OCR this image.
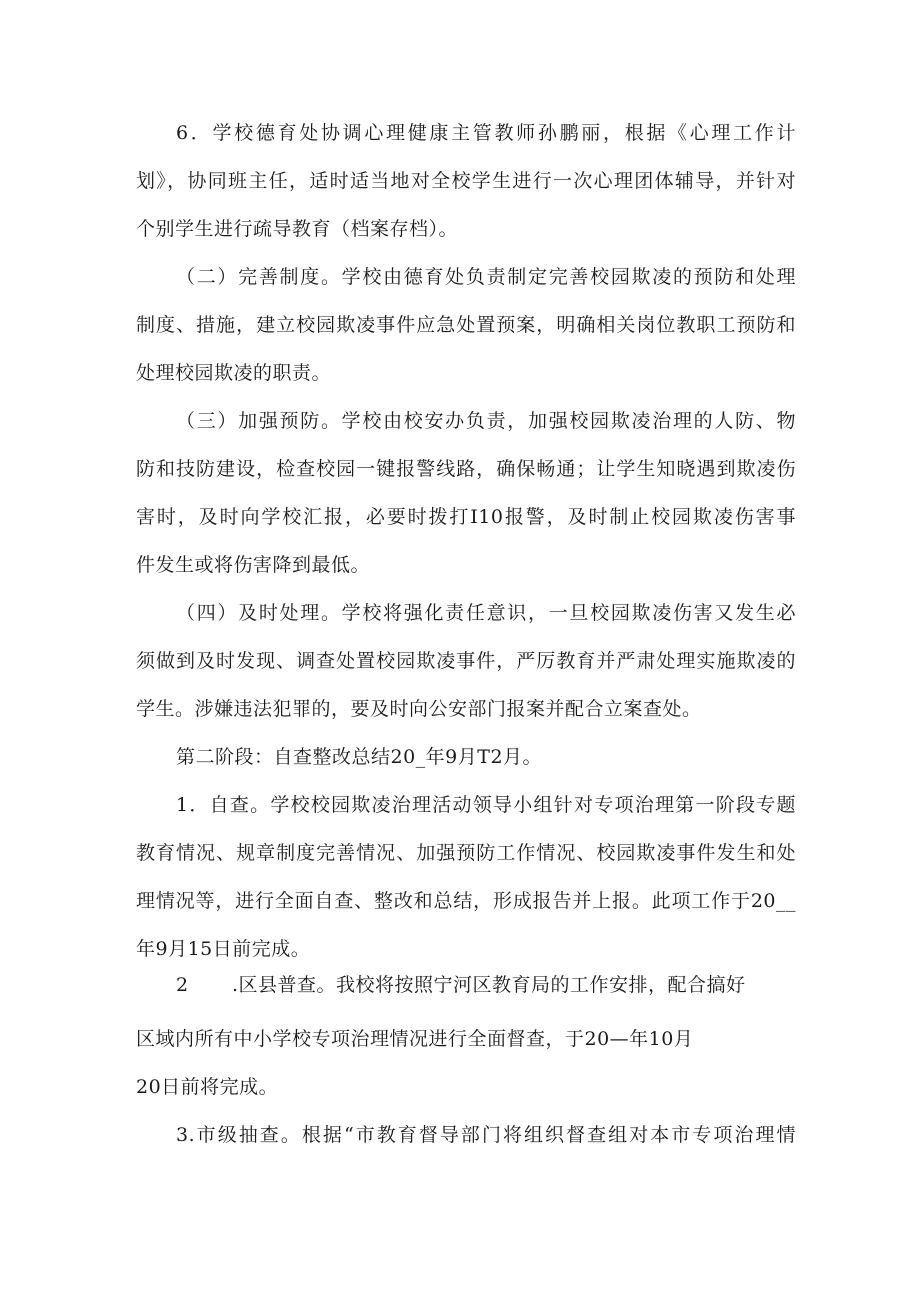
6．学校德育处协调心理健康主管教师孙鹏丽，根据《心理工作计
划》，协同班主任，适时适当地对全校学生进行一次心理团体辅导，并针对
个别学生进行疏导教育（档案存档）。
（二）完善制度。学校由德育处负责制定完善校园欺凌的预防和处理
制度、措施，建立校园欺凌事件应急处置预案，明确相关岗位教职工预防和
处理校园欺凌的职责。
（三）加强预防。学校由校安办负责，加强校园欺凌治理的人防、物
防和技防建设，检查校园一键报警线路，确保畅通；让学生知晓遇到欺凌伤
害时，及时向学校汇报，必要时拨打I10报警，及时制止校园欺凌伤害事
件发生或将伤害降到最低。
（四）及时处理。学校将强化责任意识，一旦校园欺凌伤害又发生必
须做到及时发现、调查处置校园欺凌事件，严厉教育并严肃处理实施欺凌的
学生。涉嫌违法犯罪的，要及时向公安部门报案并配合立案查处。
第二阶段：自查整改总结20_年9月T2月。
1．自查。学校校园欺凌治理活动领导小组针对专项治理第一阶段专题
教育情况、规章制度完善情况、加强预防工作情况、校园欺凌事件发生和处
理情况等，进行全面自查、整改和总结，形成报告并上报。此项工作于20__
年9月15日前完成。
2 .区县普查。我校将按照宁河区教育局的工作安排，配合搞好
区域内所有中小学校专项治理情况进行全面督查，于20—年10月
20日前将完成。
3.市级抽查。根据“市教育督导部门将组织督查组对本市专项治理情
